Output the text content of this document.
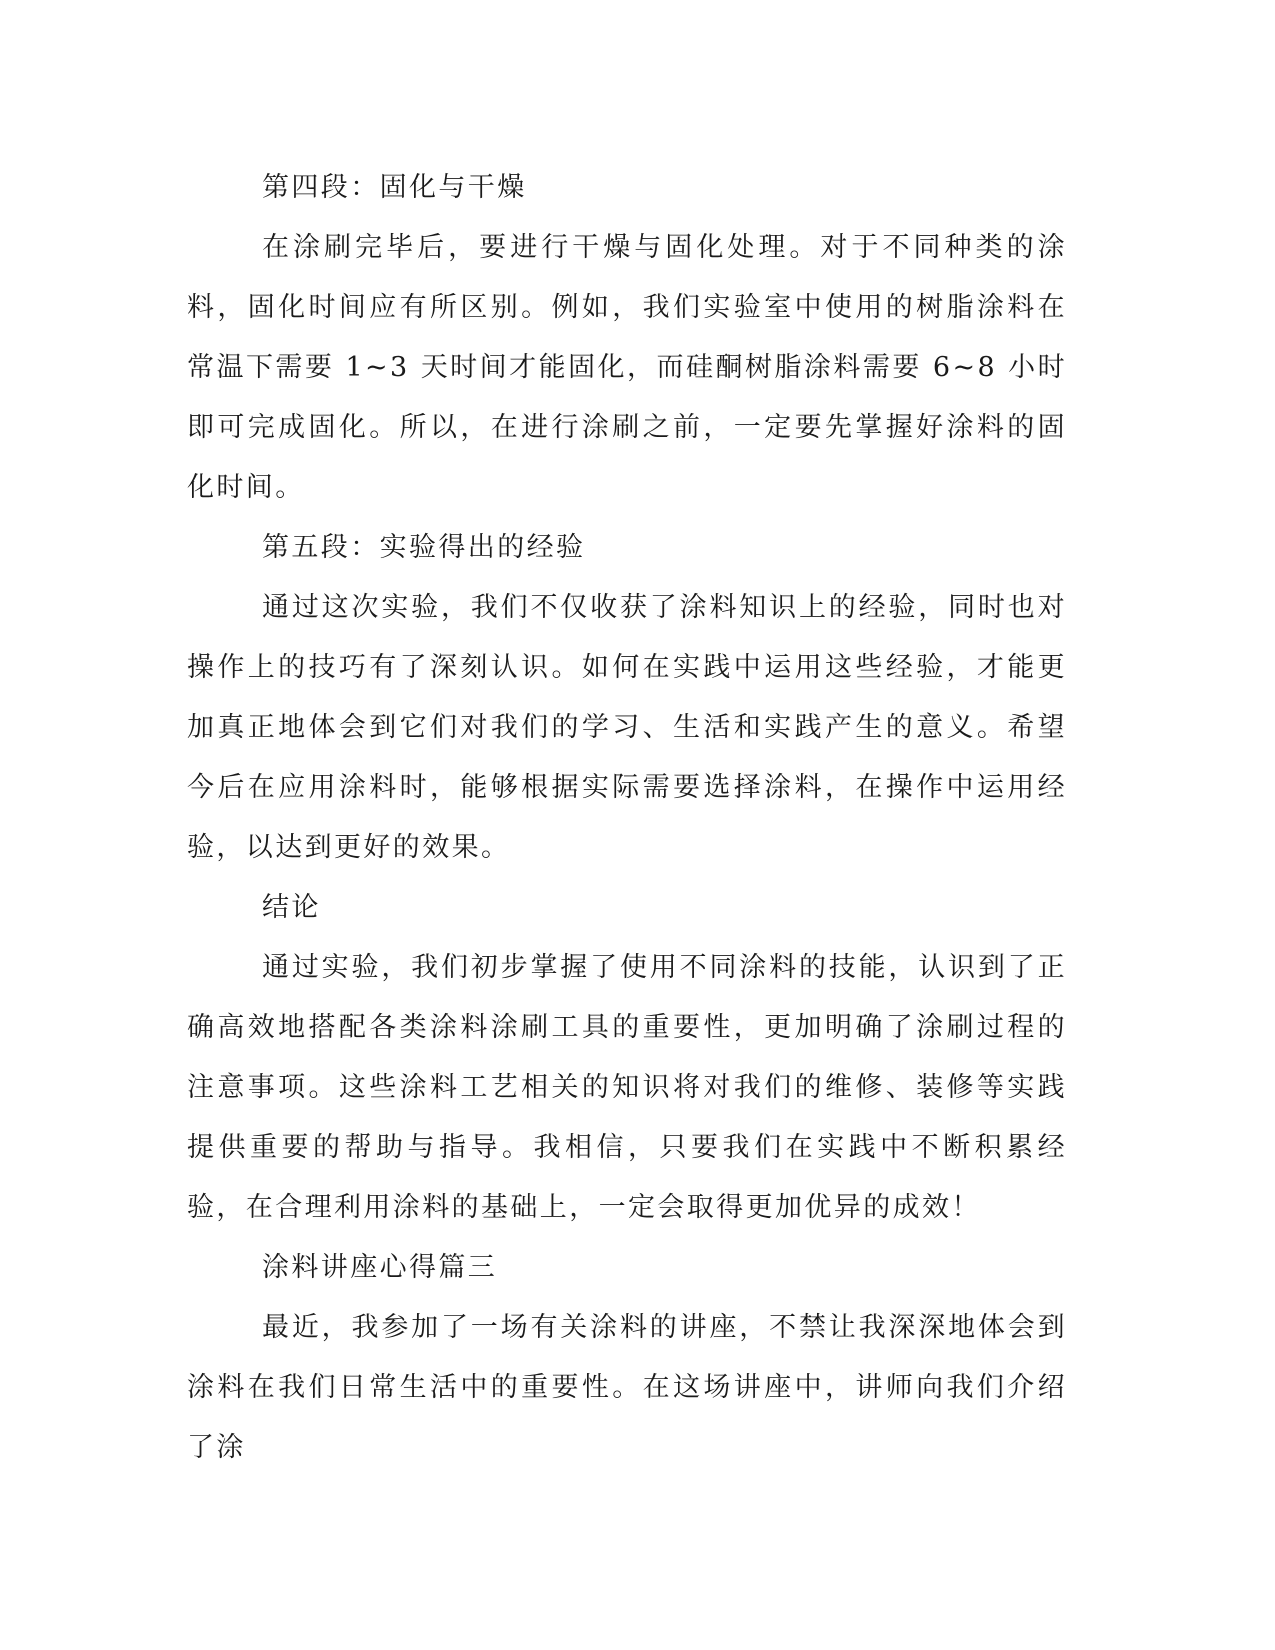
第四段：固化与干燥

在涂刷完毕后，要进行干燥与固化处理。对于不同种类的涂料，固化时间应有所区别。例如，我们实验室中使用的树脂涂料在常温下需要 1~3 天时间才能固化，而硅酮树脂涂料需要 6~8 小时即可完成固化。所以，在进行涂刷之前，一定要先掌握好涂料的固化时间。

第五段：实验得出的经验

通过这次实验，我们不仅收获了涂料知识上的经验，同时也对操作上的技巧有了深刻认识。如何在实践中运用这些经验，才能更加真正地体会到它们对我们的学习、生活和实践产生的意义。希望今后在应用涂料时，能够根据实际需要选择涂料，在操作中运用经验，以达到更好的效果。

结论

通过实验，我们初步掌握了使用不同涂料的技能，认识到了正确高效地搭配各类涂料涂刷工具的重要性，更加明确了涂刷过程的注意事项。这些涂料工艺相关的知识将对我们的维修、装修等实践提供重要的帮助与指导。我相信，只要我们在实践中不断积累经验，在合理利用涂料的基础上，一定会取得更加优异的成效！

涂料讲座心得篇三

最近，我参加了一场有关涂料的讲座，不禁让我深深地体会到涂料在我们日常生活中的重要性。在这场讲座中，讲师向我们介绍了涂
